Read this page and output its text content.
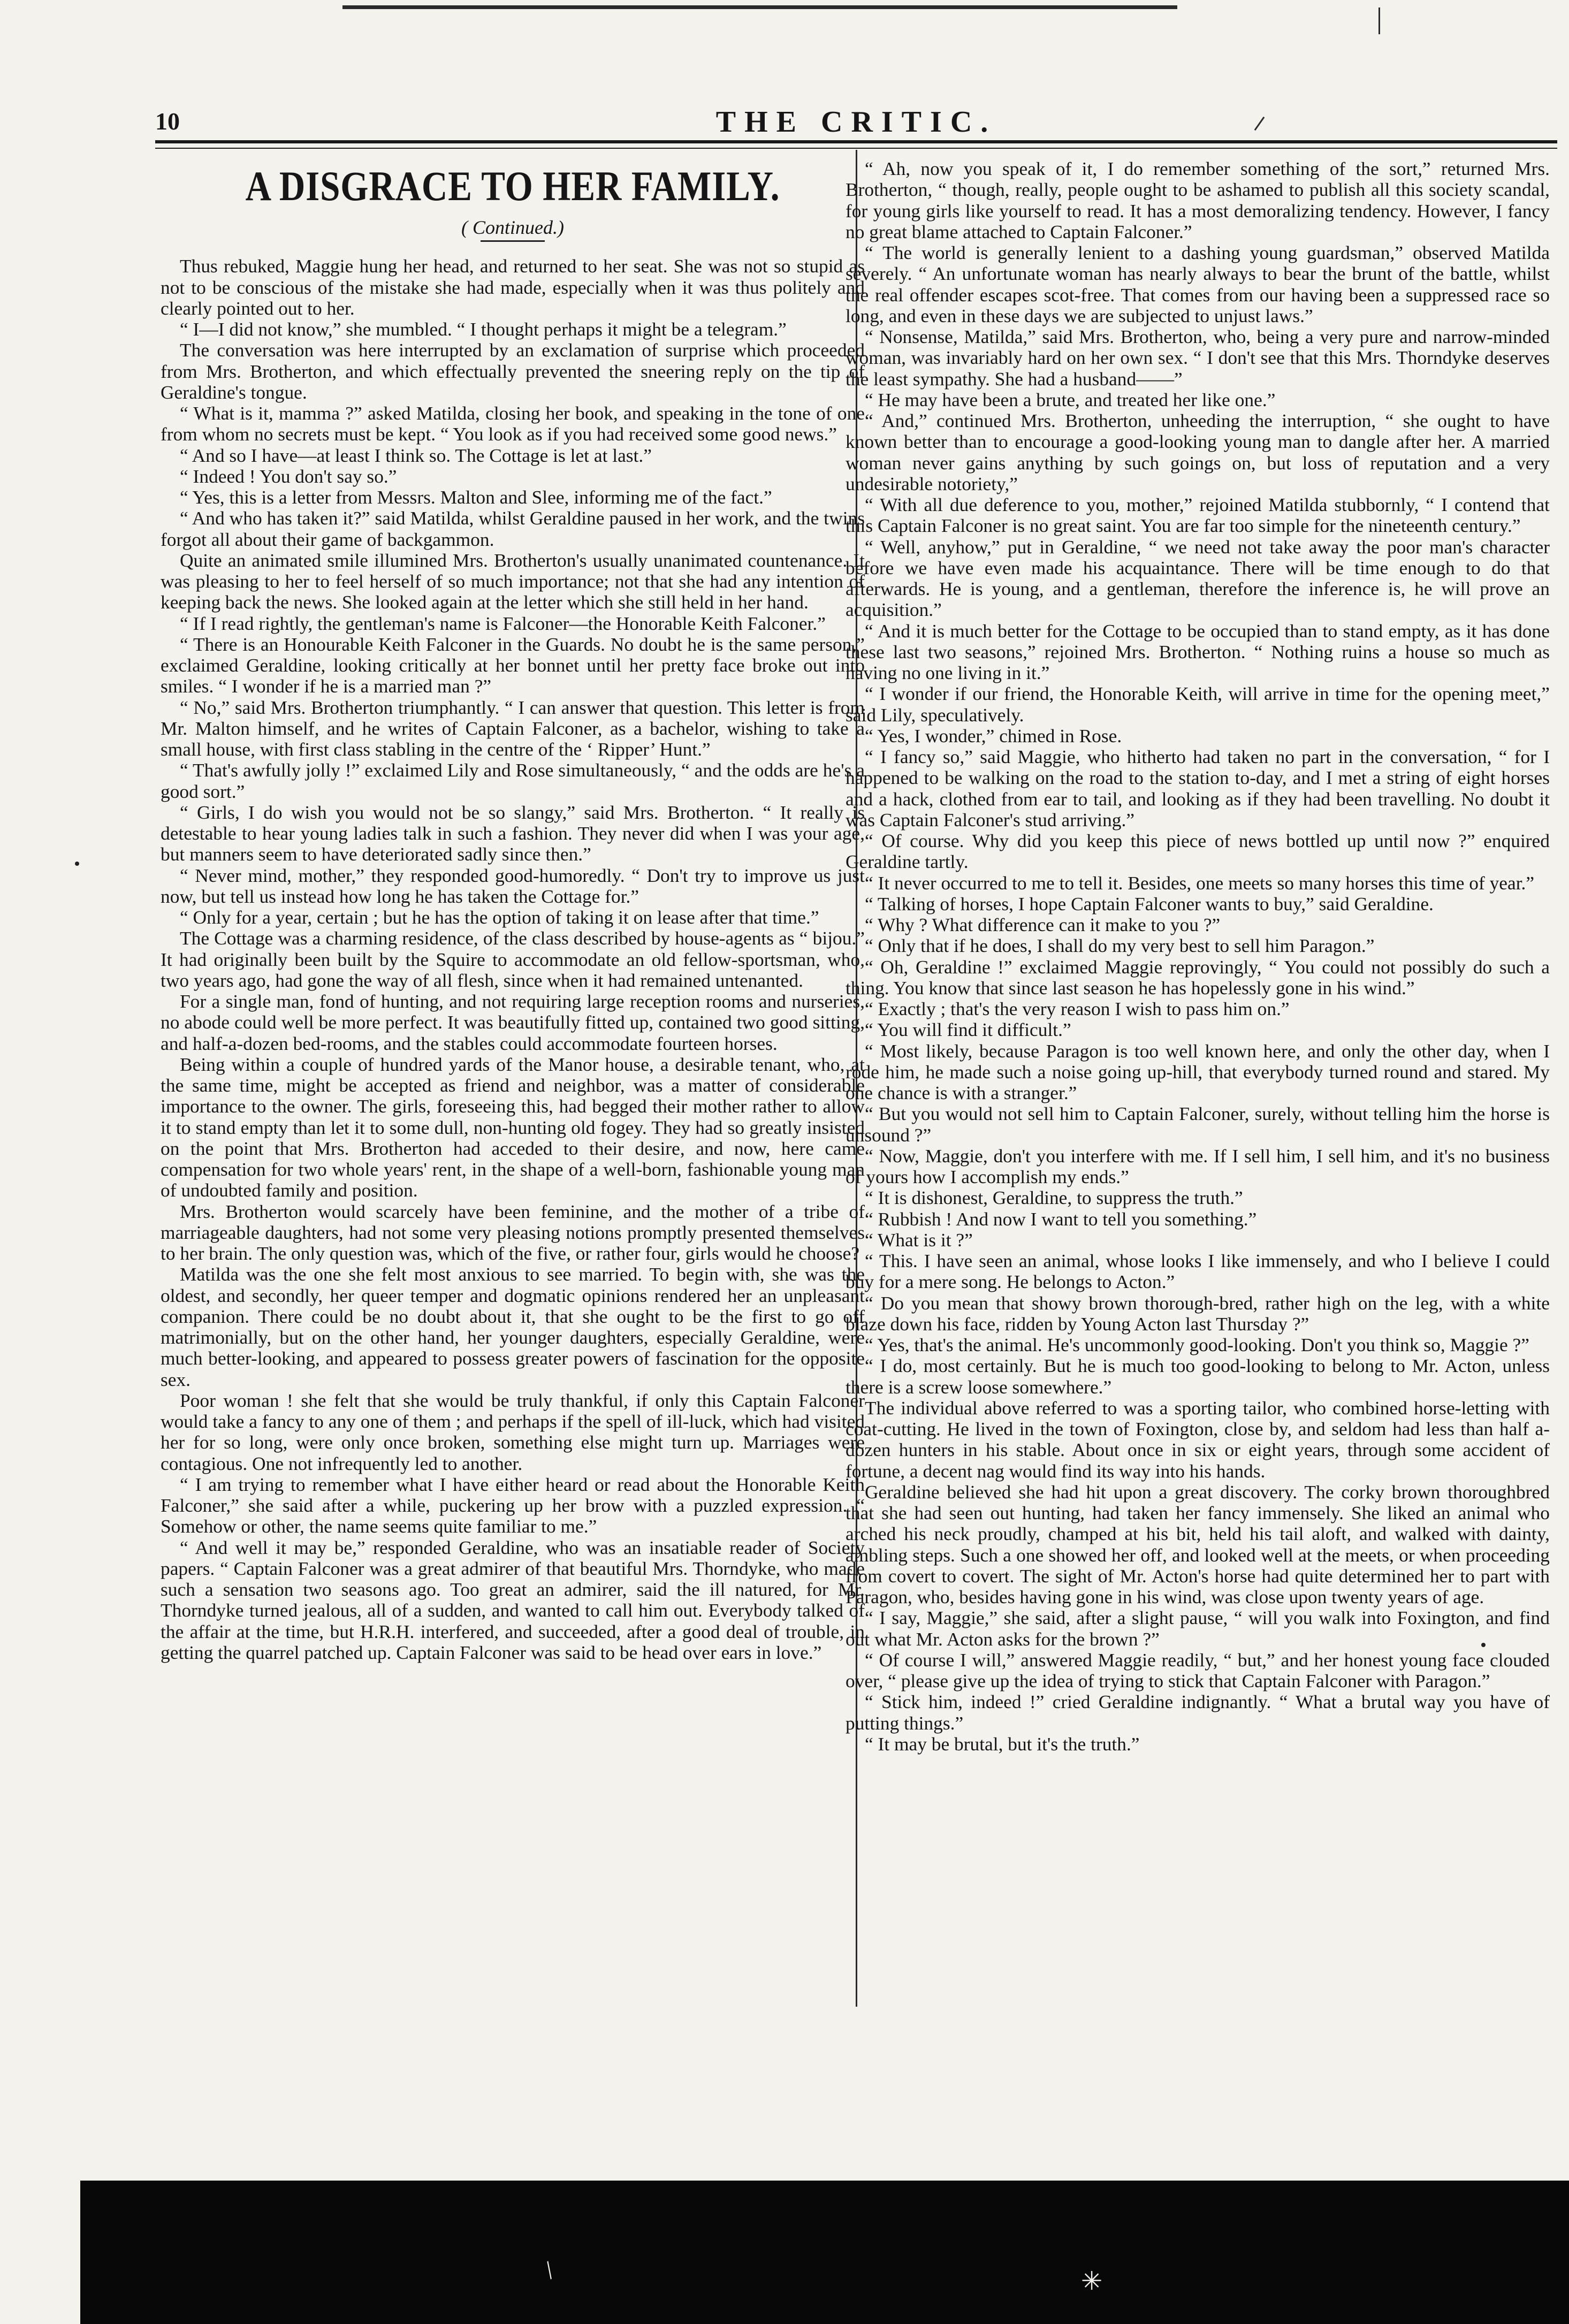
10	THE CRITIC.
A DISGRACE TO HER FAMILY.
( Continued.)

Thus rebuked, Maggie hung her head, and returned to her seat. She was not so stupid as not to be conscious of the mistake she had made, especially when it was thus politely and clearly pointed out to her.

“ I—I did not know,” she mumbled. “ I thought perhaps it might be a telegram.”

The conversation was here interrupted by an exclamation of surprise which proceeded from Mrs. Brotherton, and which effectually prevented the sneering reply on the tip of Geraldine's tongue.

“ What is it, mamma ?” asked Matilda, closing her book, and speaking in the tone of one from whom no secrets must be kept. “ You look as if you had received some good news.”

“ And so I have—at least I think so. The Cottage is let at last.”

“ Indeed ! You don't say so.”

“ Yes, this is a letter from Messrs. Malton and Slee, informing me of the fact.”

“ And who has taken it?” said Matilda, whilst Geraldine paused in her work, and the twins forgot all about their game of backgammon.

Quite an animated smile illumined Mrs. Brotherton's usually unanimated countenance. It was pleasing to her to feel herself of so much importance; not that she had any intention of keeping back the news. She looked again at the letter which she still held in her hand.

“ If I read rightly, the gentleman's name is Falconer—the Honorable Keith Falconer.”

“ There is an Honourable Keith Falconer in the Guards. No doubt he is the same person,” exclaimed Geraldine, looking critically at her bonnet until her pretty face broke out into smiles. “ I wonder if he is a married man ?”

“ No,” said Mrs. Brotherton triumphantly. “ I can answer that question. This letter is from Mr. Malton himself, and he writes of Captain Falconer, as a bachelor, wishing to take a small house, with first class stabling in the centre of the ‘ Ripper’ Hunt.”

“ That's awfully jolly !” exclaimed Lily and Rose simultaneously, “ and the odds are he's a good sort.”

“ Girls, I do wish you would not be so slangy,” said Mrs. Brotherton. “ It really is detestable to hear young ladies talk in such a fashion. They never did when I was your age, but manners seem to have deteriorated sadly since then.”

“ Never mind, mother,” they responded good-humoredly. “ Don't try to improve us just now, but tell us instead how long he has taken the Cottage for.”

“ Only for a year, certain ; but he has the option of taking it on lease after that time.”

The Cottage was a charming residence, of the class described by house-agents as “ bijou.” It had originally been built by the Squire to accommodate an old fellow-sportsman, who, two years ago, had gone the way of all flesh, since when it had remained untenanted.

For a single man, fond of hunting, and not requiring large reception rooms and nurseries, no abode could well be more perfect. It was beautifully fitted up, contained two good sitting, and half-a-dozen bed-rooms, and the stables could accommodate fourteen horses.

Being within a couple of hundred yards of the Manor house, a desirable tenant, who, at the same time, might be accepted as friend and neighbor, was a matter of considerable importance to the owner. The girls, foreseeing this, had begged their mother rather to allow it to stand empty than let it to some dull, non-hunting old fogey. They had so greatly insisted on the point that Mrs. Brotherton had acceded to their desire, and now, here came compensation for two whole years' rent, in the shape of a well-born, fashionable young man of undoubted family and position.

Mrs. Brotherton would scarcely have been feminine, and the mother of a tribe of marriageable daughters, had not some very pleasing notions promptly presented themselves to her brain. The only question was, which of the five, or rather four, girls would he choose?

Matilda was the one she felt most anxious to see married. To begin with, she was the oldest, and secondly, her queer temper and dogmatic opinions rendered her an unpleasant companion. There could be no doubt about it, that she ought to be the first to go off matrimonially, but on the other hand, her younger daughters, especially Geraldine, were much better-looking, and appeared to possess greater powers of fascination for the opposite sex.

Poor woman ! she felt that she would be truly thankful, if only this Captain Falconer would take a fancy to any one of them ; and perhaps if the spell of ill-luck, which had visited her for so long, were only once broken, something else might turn up. Marriages were contagious. One not infrequently led to another.

“ I am trying to remember what I have either heard or read about the Honorable Keith Falconer,” she said after a while, puckering up her brow with a puzzled expression. “ Somehow or other, the name seems quite familiar to me.”

“ And well it may be,” responded Geraldine, who was an insatiable reader of Society papers. “ Captain Falconer was a great admirer of that beautiful Mrs. Thorndyke, who made such a sensation two seasons ago. Too great an admirer, said the ill natured, for Mr. Thorndyke turned jealous, all of a sudden, and wanted to call him out. Everybody talked of the affair at the time, but H.R.H. interfered, and succeeded, after a good deal of trouble, in getting the quarrel patched up. Captain Falconer was said to be head over ears in love.”

“ Ah, now you speak of it, I do remember something of the sort,” returned Mrs. Brotherton, “ though, really, people ought to be ashamed to publish all this society scandal, for young girls like yourself to read. It has a most demoralizing tendency. However, I fancy no great blame attached to Captain Falconer.”

“ The world is generally lenient to a dashing young guardsman,” observed Matilda severely. “ An unfortunate woman has nearly always to bear the brunt of the battle, whilst the real offender escapes scot-free. That comes from our having been a suppressed race so long, and even in these days we are subjected to unjust laws.”

“ Nonsense, Matilda,” said Mrs. Brotherton, who, being a very pure and narrow-minded woman, was invariably hard on her own sex. “ I don't see that this Mrs. Thorndyke deserves the least sympathy. She had a husband——”

“ He may have been a brute, and treated her like one.”

“ And,” continued Mrs. Brotherton, unheeding the interruption, “ she ought to have known better than to encourage a good-looking young man to dangle after her. A married woman never gains anything by such goings on, but loss of reputation and a very undesirable notoriety,”

“ With all due deference to you, mother,” rejoined Matilda stubbornly, “ I contend that this Captain Falconer is no great saint. You are far too simple for the nineteenth century.”

“ Well, anyhow,” put in Geraldine, “ we need not take away the poor man's character before we have even made his acquaintance. There will be time enough to do that afterwards. He is young, and a gentleman, therefore the inference is, he will prove an acquisition.”

“ And it is much better for the Cottage to be occupied than to stand empty, as it has done these last two seasons,” rejoined Mrs. Brotherton. “ Nothing ruins a house so much as having no one living in it.”

“ I wonder if our friend, the Honorable Keith, will arrive in time for the opening meet,” said Lily, speculatively.

“ Yes, I wonder,” chimed in Rose.

“ I fancy so,” said Maggie, who hitherto had taken no part in the conversation, “ for I happened to be walking on the road to the station to-day, and I met a string of eight horses and a hack, clothed from ear to tail, and looking as if they had been travelling. No doubt it was Captain Falconer's stud arriving.”

“ Of course. Why did you keep this piece of news bottled up until now ?” enquired Geraldine tartly.

“ It never occurred to me to tell it. Besides, one meets so many horses this time of year.”

“ Talking of horses, I hope Captain Falconer wants to buy,” said Geraldine.

“ Why ? What difference can it make to you ?”

“ Only that if he does, I shall do my very best to sell him Paragon.”

“ Oh, Geraldine !” exclaimed Maggie reprovingly, “ You could not possibly do such a thing. You know that since last season he has hopelessly gone in his wind.”

“ Exactly ; that's the very reason I wish to pass him on.”

“ You will find it difficult.”

“ Most likely, because Paragon is too well known here, and only the other day, when I rode him, he made such a noise going up-hill, that everybody turned round and stared. My one chance is with a stranger.”

“ But you would not sell him to Captain Falconer, surely, without telling him the horse is unsound ?”

“ Now, Maggie, don't you interfere with me. If I sell him, I sell him, and it's no business of yours how I accomplish my ends.”

“ It is dishonest, Geraldine, to suppress the truth.”

“ Rubbish ! And now I want to tell you something.”

“ What is it ?”

“ This. I have seen an animal, whose looks I like immensely, and who I believe I could buy for a mere song. He belongs to Acton.”

“ Do you mean that showy brown thorough-bred, rather high on the leg, with a white blaze down his face, ridden by Young Acton last Thursday ?”

“ Yes, that's the animal. He's uncommonly good-looking. Don't you think so, Maggie ?”

“ I do, most certainly. But he is much too good-looking to belong to Mr. Acton, unless there is a screw loose somewhere.”

The individual above referred to was a sporting tailor, who combined horse-letting with coat-cutting. He lived in the town of Foxington, close by, and seldom had less than half a-dozen hunters in his stable. About once in six or eight years, through some accident of fortune, a decent nag would find its way into his hands.

Geraldine believed she had hit upon a great discovery. The corky brown thoroughbred that she had seen out hunting, had taken her fancy immensely. She liked an animal who arched his neck proudly, champed at his bit, held his tail aloft, and walked with dainty, ambling steps. Such a one showed her off, and looked well at the meets, or when proceeding from covert to covert. The sight of Mr. Acton's horse had quite determined her to part with Paragon, who, besides having gone in his wind, was close upon twenty years of age.

“ I say, Maggie,” she said, after a slight pause, “ will you walk into Foxington, and find out what Mr. Acton asks for the brown ?”

“ Of course I will,” answered Maggie readily, “ but,” and her honest young face clouded over, “ please give up the idea of trying to stick that Captain Falconer with Paragon.”

“ Stick him, indeed !” cried Geraldine indignantly. “ What a brutal way you have of putting things.”

“ It may be brutal, but it's the truth.”

/	✳
